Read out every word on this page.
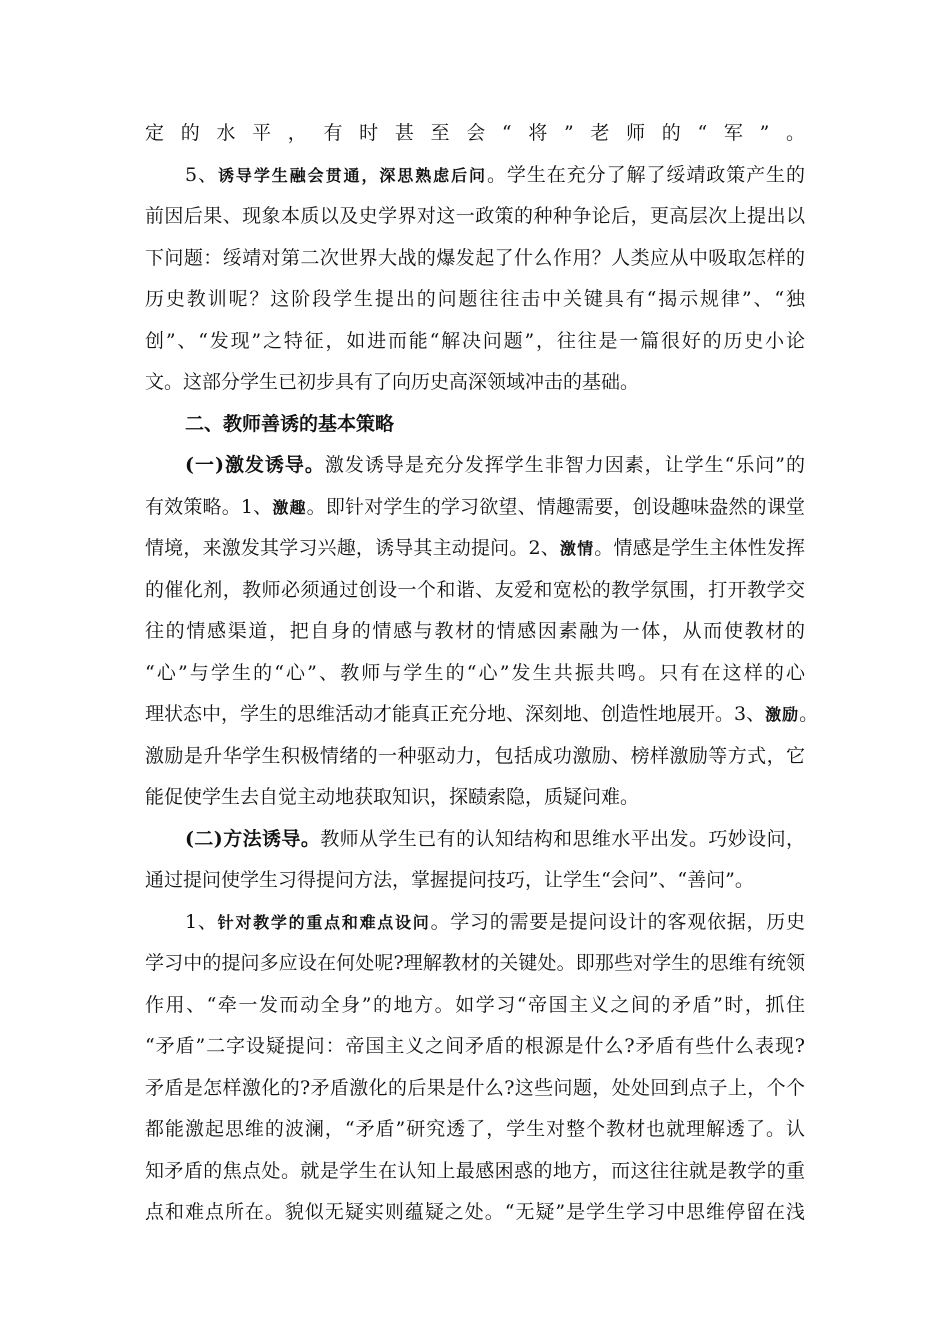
定的水平，有时甚至会“将”老师的“军”。
5、诱导学生融会贯通，深思熟虑后问。学生在充分了解了绥靖政策产生的
前因后果、现象本质以及史学界对这一政策的种种争论后，更高层次上提出以
下问题：绥靖对第二次世界大战的爆发起了什么作用？人类应从中吸取怎样的
历史教训呢？这阶段学生提出的问题往往击中关键具有“揭示规律”、“独
创”、“发现”之特征，如进而能“解决问题”，往往是一篇很好的历史小论
文。这部分学生已初步具有了向历史高深领域冲击的基础。
二、教师善诱的基本策略
(一)激发诱导。激发诱导是充分发挥学生非智力因素，让学生“乐问”的
有效策略。1、激趣。即针对学生的学习欲望、情趣需要，创设趣味盎然的课堂
情境，来激发其学习兴趣，诱导其主动提问。2、激情。情感是学生主体性发挥
的催化剂，教师必须通过创设一个和谐、友爱和宽松的教学氛围，打开教学交
往的情感渠道，把自身的情感与教材的情感因素融为一体，从而使教材的
“心”与学生的“心”、教师与学生的“心”发生共振共鸣。只有在这样的心
理状态中，学生的思维活动才能真正充分地、深刻地、创造性地展开。3、激励。
激励是升华学生积极情绪的一种驱动力，包括成功激励、榜样激励等方式，它
能促使学生去自觉主动地获取知识，探赜索隐，质疑问难。
(二)方法诱导。教师从学生已有的认知结构和思维水平出发。巧妙设问，
通过提问使学生习得提问方法，掌握提问技巧，让学生“会问”、“善问”。
1、针对教学的重点和难点设问。学习的需要是提问设计的客观依据，历史
学习中的提问多应设在何处呢?理解教材的关键处。即那些对学生的思维有统领
作用、“牵一发而动全身”的地方。如学习“帝国主义之间的矛盾”时，抓住
“矛盾”二字设疑提问：帝国主义之间矛盾的根源是什么?矛盾有些什么表现?
矛盾是怎样激化的?矛盾激化的后果是什么?这些问题，处处回到点子上，个个
都能激起思维的波澜，“矛盾”研究透了，学生对整个教材也就理解透了。认
知矛盾的焦点处。就是学生在认知上最感困惑的地方，而这往往就是教学的重
点和难点所在。貌似无疑实则蕴疑之处。“无疑”是学生学习中思维停留在浅
